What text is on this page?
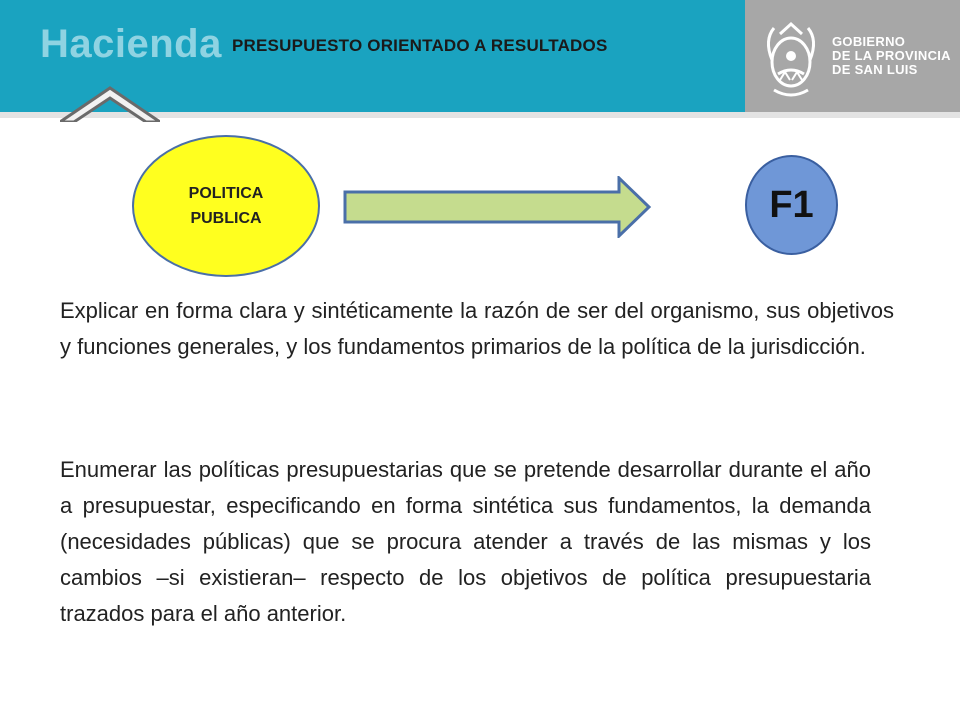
Hacienda PRESUPUESTO ORIENTADO A RESULTADOS	GOBIERNO
DE LA PROVINCIA
DE SAN LUIS
POLITICA
PUBLICA	F1

Explicar en forma clara y sintéticamente la razón de ser del organismo, sus objetivos y funciones generales, y los fundamentos primarios de la política de la jurisdicción.

Enumerar las políticas presupuestarias que se pretende desarrollar durante el año a presupuestar, especificando en forma sintética sus fundamentos, la demanda (necesidades públicas) que se procura atender a través de las mismas y los cambios –si existieran– respecto de los objetivos de política presupuestaria trazados para el año anterior.
